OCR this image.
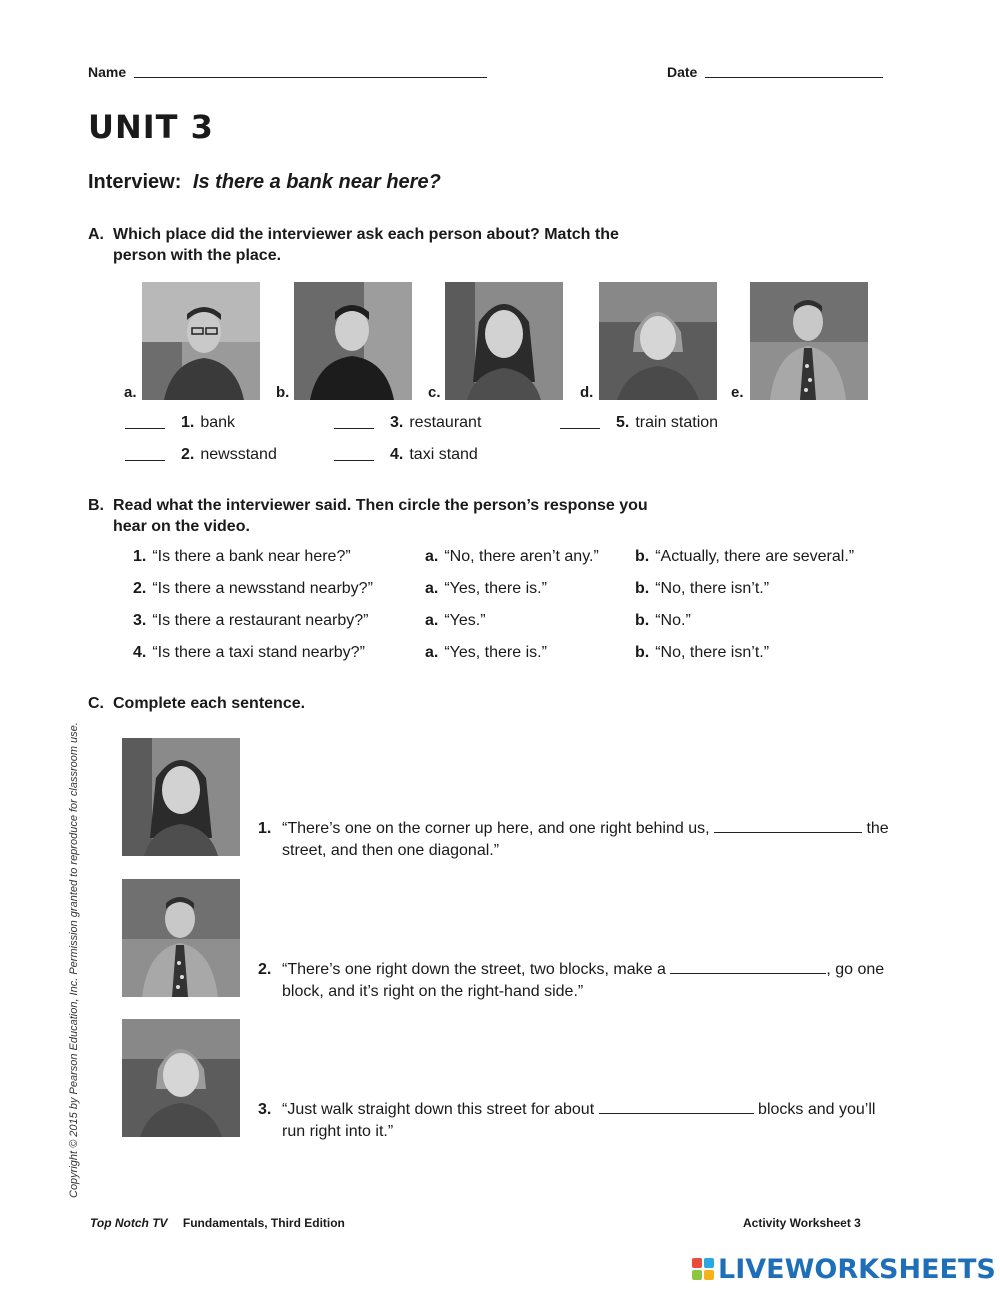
Name	Date
UNIT 3
Interview: Is there a bank near here?
A. Which place did the interviewer ask each person about? Match the person with the place.
a.	b.	c.	d.	e.
1. bank
2. newsstand
3. restaurant
4. taxi stand
5. train station
B. Read what the interviewer said. Then circle the person’s response you hear on the video.
1. “Is there a bank near here?”	a. “No, there aren’t any.” b. “Actually, there are several.”
2. “Is there a newsstand nearby?”	a. “Yes, there is.”	b. “No, there isn’t.”
3. “Is there a restaurant nearby?”	a. “Yes.”	b. “No.”
4. “Is there a taxi stand nearby?”	a. “Yes, there is.”	b. “No, there isn’t.”
C. Complete each sentence.
1. “There’s one on the corner up here, and one right behind us,	the street, and then one diagonal.”
2. “There’s one right down the street, two blocks, make a	, go one block, and it’s right on the right-hand side.”
3. “Just walk straight down this street for about	blocks and you’ll run right into it.”
Copyright © 2015 by Pearson Education, Inc. Permission granted to reproduce for classroom use.
Top Notch TV Fundamentals, Third Edition	Activity Worksheet 3
LIVEWORKSHEETS
